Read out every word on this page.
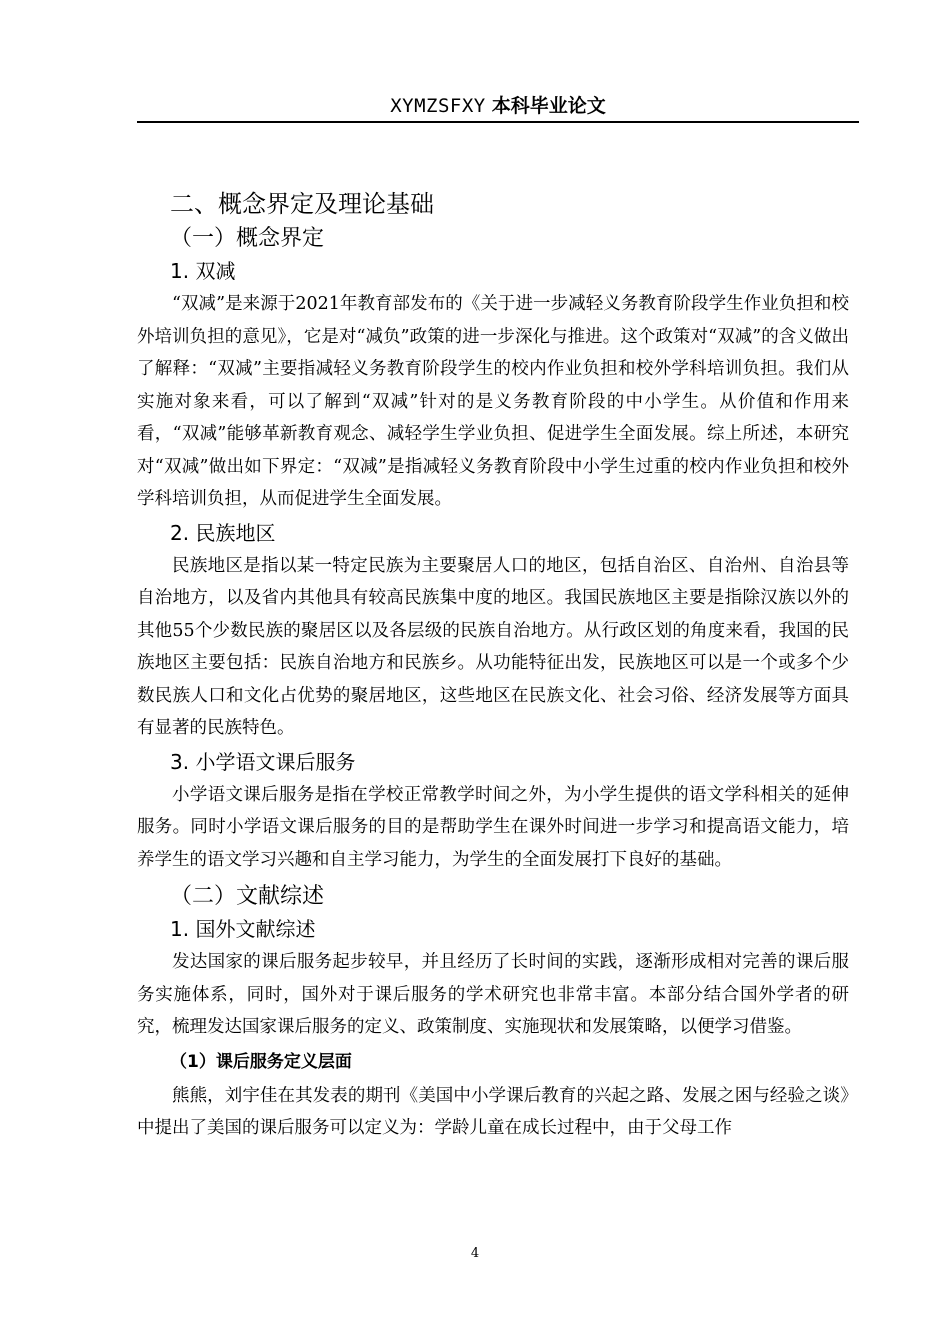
XYMZSFXY 本科毕业论文
二、概念界定及理论基础
（一）概念界定
1. 双减

“双减”是来源于2021年教育部发布的《关于进一步减轻义务教育阶段学生作业负担和校外培训负担的意见》，它是对“减负”政策的进一步深化与推进。这个政策对“双减”的含义做出了解释：“双减”主要指减轻义务教育阶段学生的校内作业负担和校外学科培训负担。我们从实施对象来看，可以了解到“双减”针对的是义务教育阶段的中小学生。从价值和作用来看，“双减”能够革新教育观念、减轻学生学业负担、促进学生全面发展。综上所述，本研究对“双减”做出如下界定：“双减”是指减轻义务教育阶段中小学生过重的校内作业负担和校外学科培训负担，从而促进学生全面发展。

2. 民族地区

民族地区是指以某一特定民族为主要聚居人口的地区，包括自治区、自治州、自治县等自治地方，以及省内其他具有较高民族集中度的地区。我国民族地区主要是指除汉族以外的其他55个少数民族的聚居区以及各层级的民族自治地方。从行政区划的角度来看，我国的民族地区主要包括：民族自治地方和民族乡。从功能特征出发，民族地区可以是一个或多个少数民族人口和文化占优势的聚居地区，这些地区在民族文化、社会习俗、经济发展等方面具有显著的民族特色。

3. 小学语文课后服务

小学语文课后服务是指在学校正常教学时间之外，为小学生提供的语文学科相关的延伸服务。同时小学语文课后服务的目的是帮助学生在课外时间进一步学习和提高语文能力，培养学生的语文学习兴趣和自主学习能力，为学生的全面发展打下良好的基础。

（二）文献综述
1. 国外文献综述

发达国家的课后服务起步较早，并且经历了长时间的实践，逐渐形成相对完善的课后服务实施体系，同时，国外对于课后服务的学术研究也非常丰富。本部分结合国外学者的研究，梳理发达国家课后服务的定义、政策制度、实施现状和发展策略，以便学习借鉴。

（1）课后服务定义层面

熊熊，刘宇佳在其发表的期刊《美国中小学课后教育的兴起之路、发展之困与经验之谈》中提出了美国的课后服务可以定义为：学龄儿童在成长过程中，由于父母工作

4
